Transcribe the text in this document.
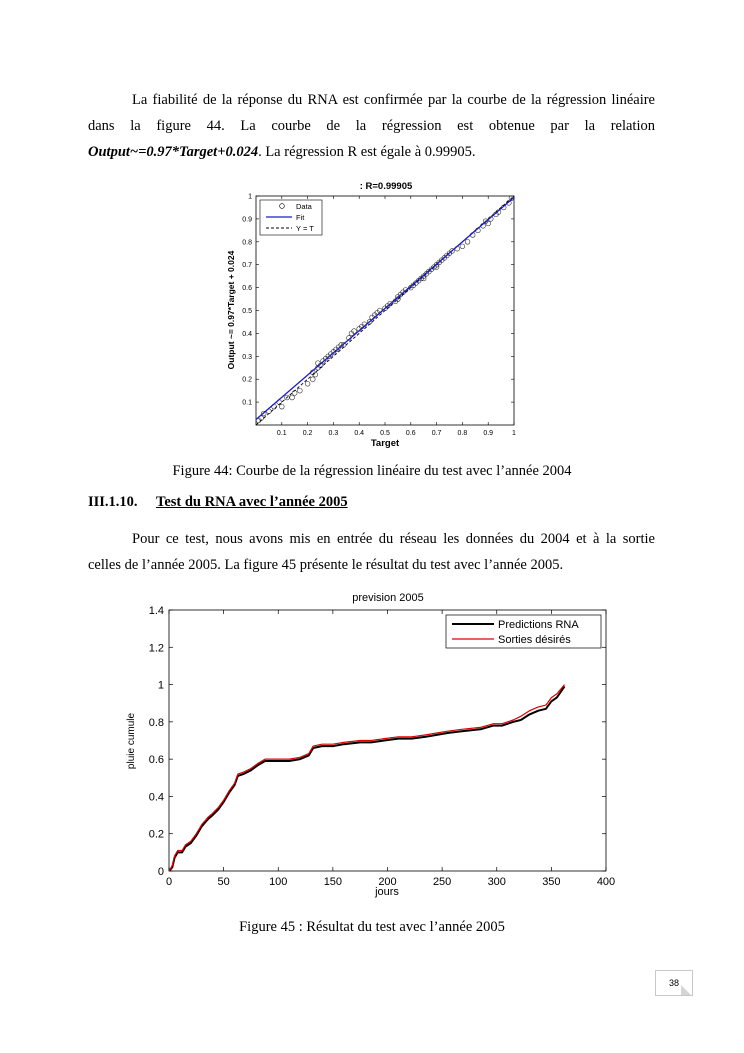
La fiabilité de la réponse du RNA est confirmée par la courbe de la régression linéaire

dans la figure 44. La courbe de la régression est obtenue par la relation

Output~=0.97*Target+0.024. La régression R est égale à 0.99905.

: R=0.99905
0.1
0.2
0.3
0.4
0.5
0.6
0.7
0.8
0.9
1
0.1 0.2 0.3 0.4 0.5 0.6 0.7 0.8 0.9	1
Data
Fit
Y = T
Target
Output ~= 0.97*Target + 0.024

Figure 44: Courbe de la régression linéaire du test avec l’année 2004

III.1.10. Test du RNA avec l’année 2005

Pour ce test, nous avons mis en entrée du réseau les données du 2004 et à la sortie

celles de l’année 2005. La figure 45 présente le résultat du test avec l’année 2005.

prevision 2005
0
0.2
0.4
0.6
0.8
1
1.2
1.4
0	50	100	150	200	250	300	350	400
Predictions RNA
Sorties désirés
jours
pluie cumule

Figure 45 : Résultat du test avec l’année 2005

38
